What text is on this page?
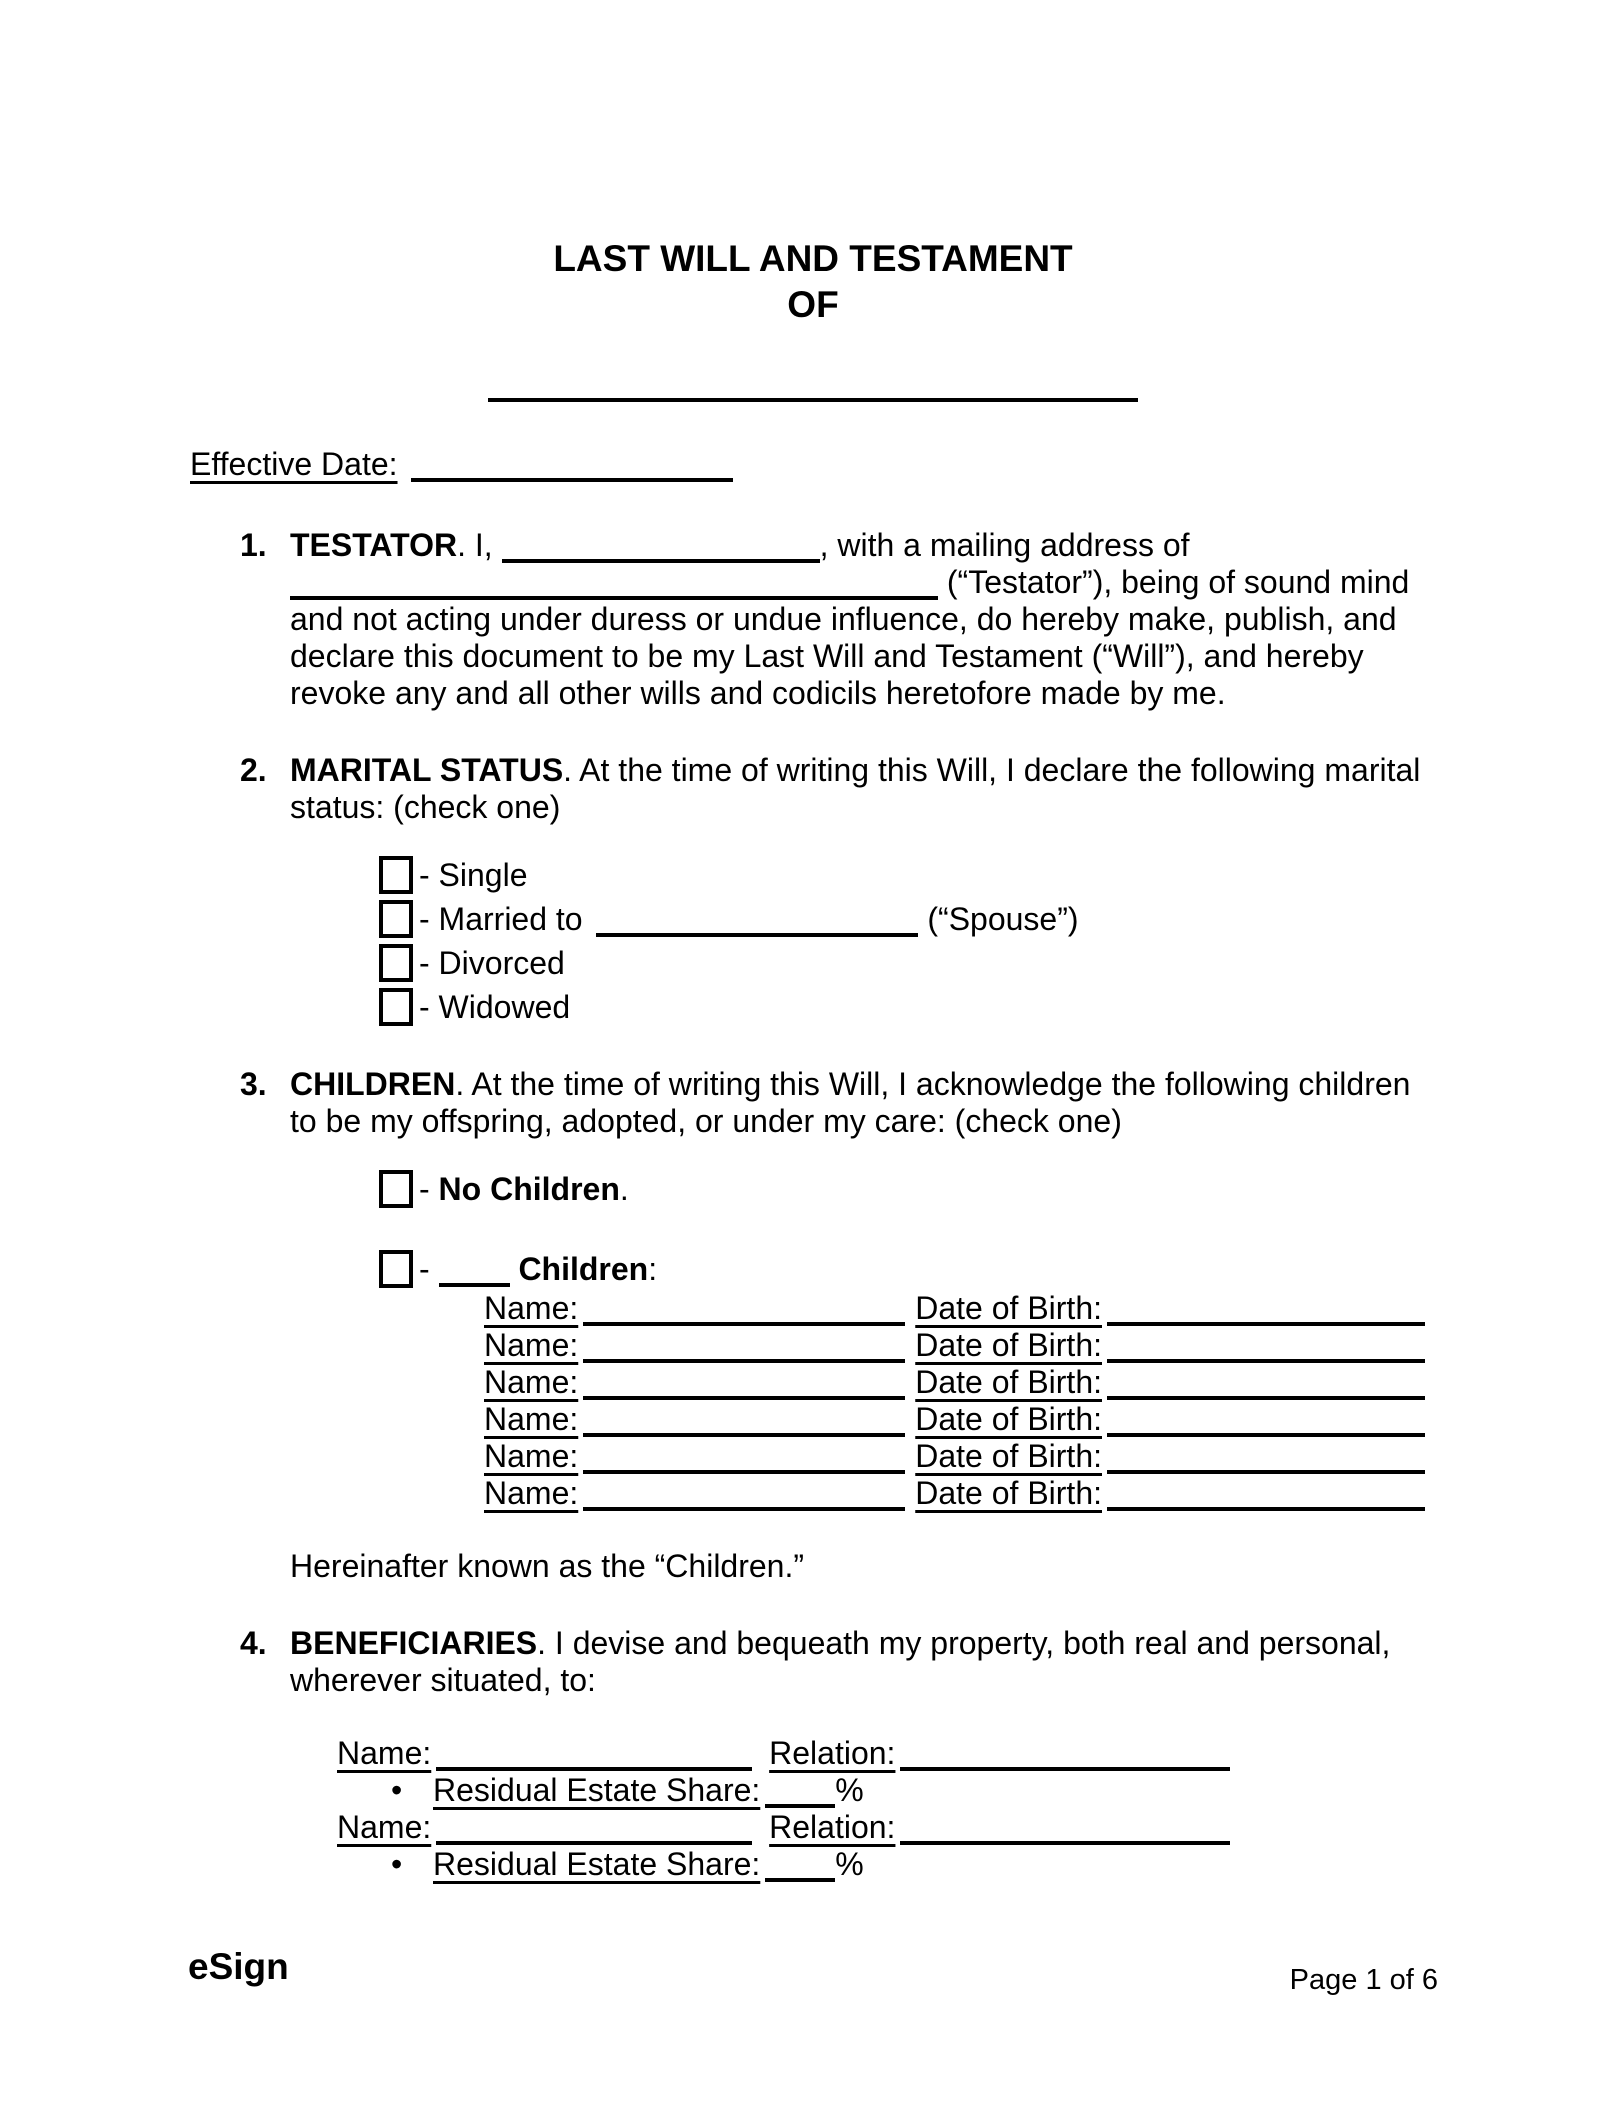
LAST WILL AND TESTAMENT
OF
Effective Date:
1. TESTATOR. I,	, with a mailing address of
(“Testator”), being of sound mind
and not acting under duress or undue influence, do hereby make, publish, and
declare this document to be my Last Will and Testament (“Will”), and hereby
revoke any and all other wills and codicils heretofore made by me.
2. MARITAL STATUS. At the time of writing this Will, I declare the following marital
status: (check one)
- Single
- Married to	(“Spouse”)
- Divorced
- Widowed
3. CHILDREN. At the time of writing this Will, I acknowledge the following children
to be my offspring, adopted, or under my care: (check one)
- No Children.
-  Children:
Name:	Date of Birth:
Name:	Date of Birth:
Name:	Date of Birth:
Name:	Date of Birth:
Name:	Date of Birth:
Name:	Date of Birth:
Hereinafter known as the “Children.”
4. BENEFICIARIES. I devise and bequeath my property, both real and personal,
wherever situated, to:
Name:	Relation:
• Residual Estate Share: %
Name:	Relation:
• Residual Estate Share: %
eSign	Page 1 of 6
